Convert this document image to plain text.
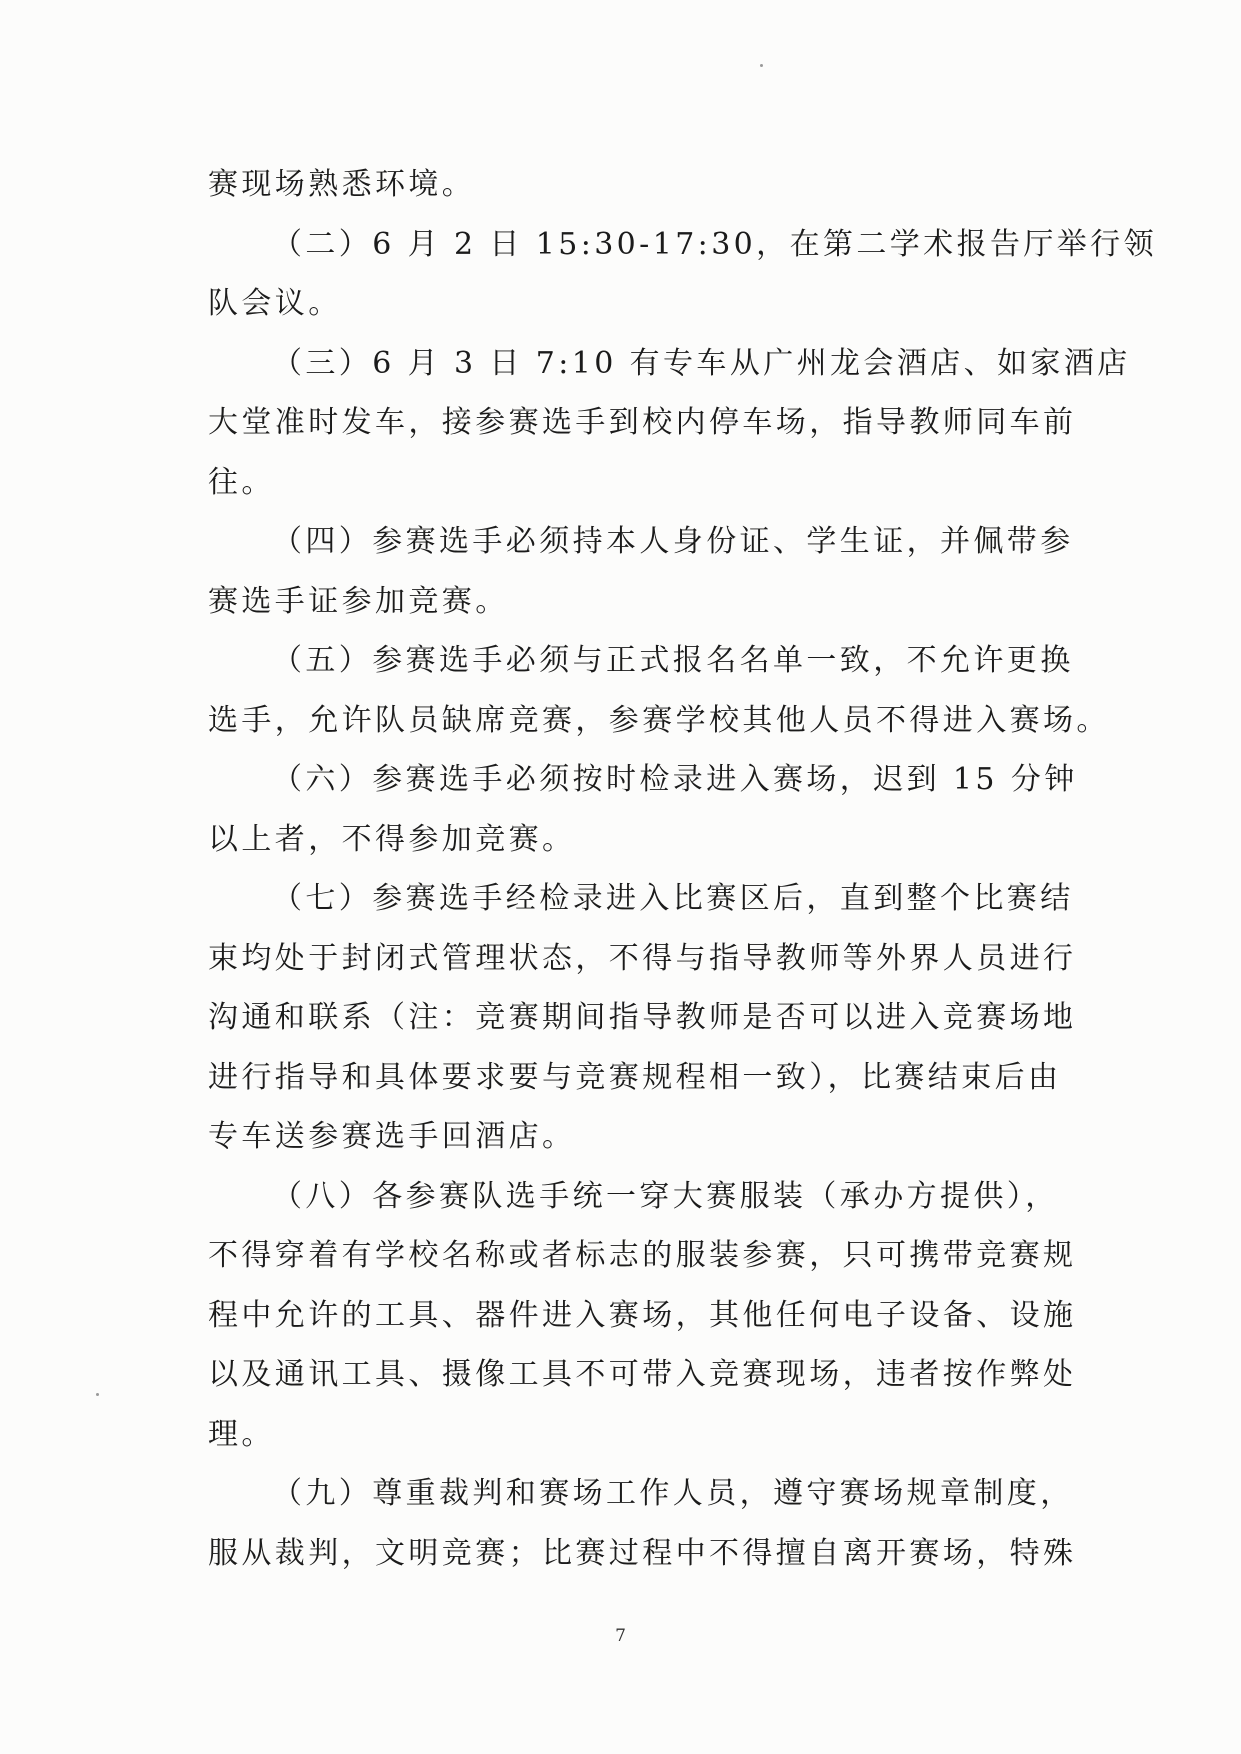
赛现场熟悉环境。
（二）6 月 2 日 15:30-17:30，在第二学术报告厅举行领
队会议。
（三）6 月 3 日 7:10 有专车从广州龙会酒店、如家酒店
大堂准时发车，接参赛选手到校内停车场，指导教师同车前
往。
（四）参赛选手必须持本人身份证、学生证，并佩带参
赛选手证参加竞赛。
（五）参赛选手必须与正式报名名单一致，不允许更换
选手，允许队员缺席竞赛，参赛学校其他人员不得进入赛场。
（六）参赛选手必须按时检录进入赛场，迟到 15 分钟
以上者，不得参加竞赛。
（七）参赛选手经检录进入比赛区后，直到整个比赛结
束均处于封闭式管理状态，不得与指导教师等外界人员进行
沟通和联系（注：竞赛期间指导教师是否可以进入竞赛场地
进行指导和具体要求要与竞赛规程相一致），比赛结束后由
专车送参赛选手回酒店。
（八）各参赛队选手统一穿大赛服装（承办方提供），
不得穿着有学校名称或者标志的服装参赛，只可携带竞赛规
程中允许的工具、器件进入赛场，其他任何电子设备、设施
以及通讯工具、摄像工具不可带入竞赛现场，违者按作弊处
理。
（九）尊重裁判和赛场工作人员，遵守赛场规章制度，
服从裁判，文明竞赛；比赛过程中不得擅自离开赛场，特殊
7
